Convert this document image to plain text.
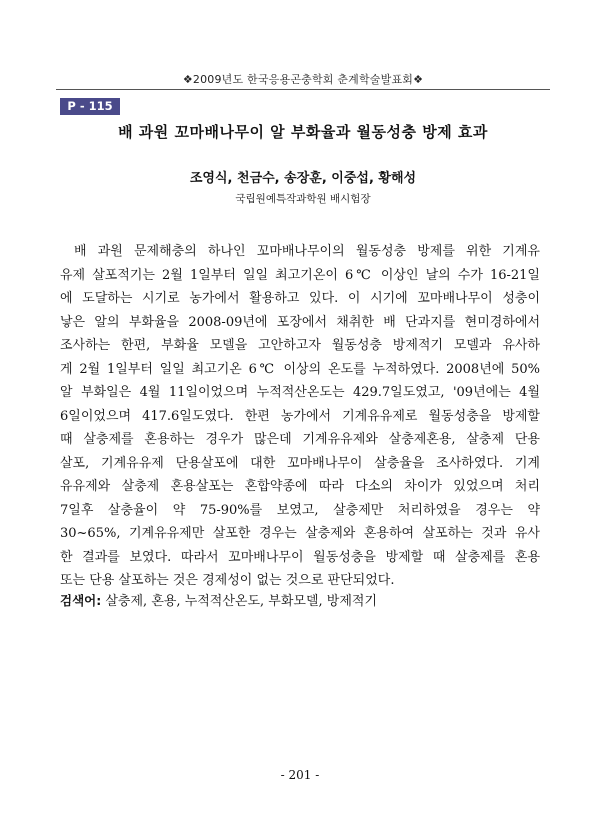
❖2009년도 한국응용곤충학회 춘계학술발표회❖
P - 115
배 과원 꼬마배나무이 알 부화율과 월동성충 방제 효과
조영식, 천금수, 송장훈, 이중섭, 황해성
국립원예특작과학원 배시험장
배 과원 문제해충의 하나인 꼬마배나무이의 월동성충 방제를 위한 기계유
유제 살포적기는 2월 1일부터 일일 최고기온이 6℃ 이상인 날의 수가 16-21일
에 도달하는 시기로 농가에서 활용하고 있다. 이 시기에 꼬마배나무이 성충이
낳은 알의 부화율을 2008-09년에 포장에서 채취한 배 단과지를 현미경하에서
조사하는 한편, 부화율 모델을 고안하고자 월동성충 방제적기 모델과 유사하
게 2월 1일부터 일일 최고기온 6℃ 이상의 온도를 누적하였다. 2008년에 50%
알 부화일은 4월 11일이었으며 누적적산온도는 429.7일도였고, '09년에는 4월
6일이었으며 417.6일도였다. 한편 농가에서 기계유유제로 월동성충을 방제할
때 살충제를 혼용하는 경우가 많은데 기계유유제와 살충제혼용, 살충제 단용
살포, 기계유유제 단용살포에 대한 꼬마배나무이 살충율을 조사하였다. 기계
유유제와 살충제 혼용살포는 혼합약종에 따라 다소의 차이가 있었으며 처리
7일후 살충율이 약 75-90%를 보였고, 살충제만 처리하였을 경우는 약
30~65%, 기계유유제만 살포한 경우는 살충제와 혼용하여 살포하는 것과 유사
한 결과를 보였다. 따라서 꼬마배나무이 월동성충을 방제할 때 살충제를 혼용
또는 단용 살포하는 것은 경제성이 없는 것으로 판단되었다.
검색어: 살충제, 혼용, 누적적산온도, 부화모델, 방제적기
- 201 -
